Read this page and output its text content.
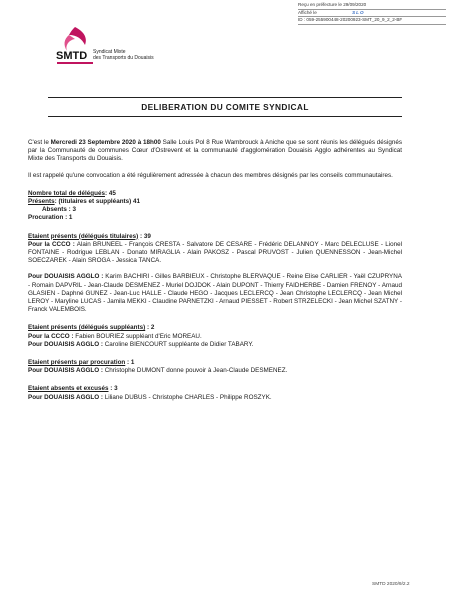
Reçu en préfecture le 29/09/2020
Affiché le	SLO
ID : 059-255900448-20200923-SMT_20_9_2_2-BF
SMTD Syndicat Mixte
des Transports du Douaisis
DELIBERATION DU COMITE SYNDICAL

C'est le Mercredi 23 Septembre 2020 à 18h00 Salle Louis Pol 8 Rue Wambrouck à Aniche que se sont réunis les délégués désignés par la Communauté de communes Cœur d'Ostrevent et la communauté d'agglomération Douaisis Agglo adhérentes au Syndicat Mixte des Transports du Douaisis.

Il est rappelé qu'une convocation a été régulièrement adressée à chacun des membres désignés par les conseils communautaires.

Nombre total de délégués: 45

Présents: (titulaires et suppléants) 41

Absents : 3

Procuration : 1

Etaient présents (délégués titulaires) : 39

Pour la CCCO : Alain BRUNEEL - François CRESTA - Salvatore DE CESARE - Frédéric DELANNOY - Marc DELECLUSE - Lionel FONTAINE - Rodrigue LEBLAN - Donato MIRAGLIA - Alain PAKOSZ - Pascal PRUVOST - Julien QUENNESSON - Jean-Michel SOECZAREK - Alain SROGA - Jessica TANCA.

Pour DOUAISIS AGGLO : Karim BACHIRI - Gilles BARBIEUX - Christophe BLERVAQUE - Reine Elise CARLIER - Yaël CZUPRYNA - Romain DAPVRIL - Jean-Claude DESMENEZ - Muriel DOJDOK - Alain DUPONT - Thierry FAIDHERBE - Damien FRENOY - Arnaud GLASIEN - Daphné GUNEZ - Jean-Luc HALLE - Claude HEGO - Jacques LECLERCQ - Jean Christophe LECLERCQ - Jean Michel LEROY - Maryline LUCAS - Jamila MEKKI - Claudine PARNETZKI - Arnaud PIESSET - Robert STRZELECKI - Jean Michel SZATNY - Franck VALEMBOIS.

Etaient présents (délégués suppléants) : 2

Pour la CCCO : Fabien BOURIEZ suppléant d'Eric MOREAU.

Pour DOUAISIS AGGLO : Caroline BIENCOURT suppléante de Didier TABARY.

Etaient présents par procuration : 1

Pour DOUAISIS AGGLO : Christophe DUMONT donne pouvoir à Jean-Claude DESMENEZ.

Etaient absents et excusés : 3

Pour DOUAISIS AGGLO : Liliane DUBUS - Christophe CHARLES - Philippe ROSZYK.

SMTD 2020/9/2.2
